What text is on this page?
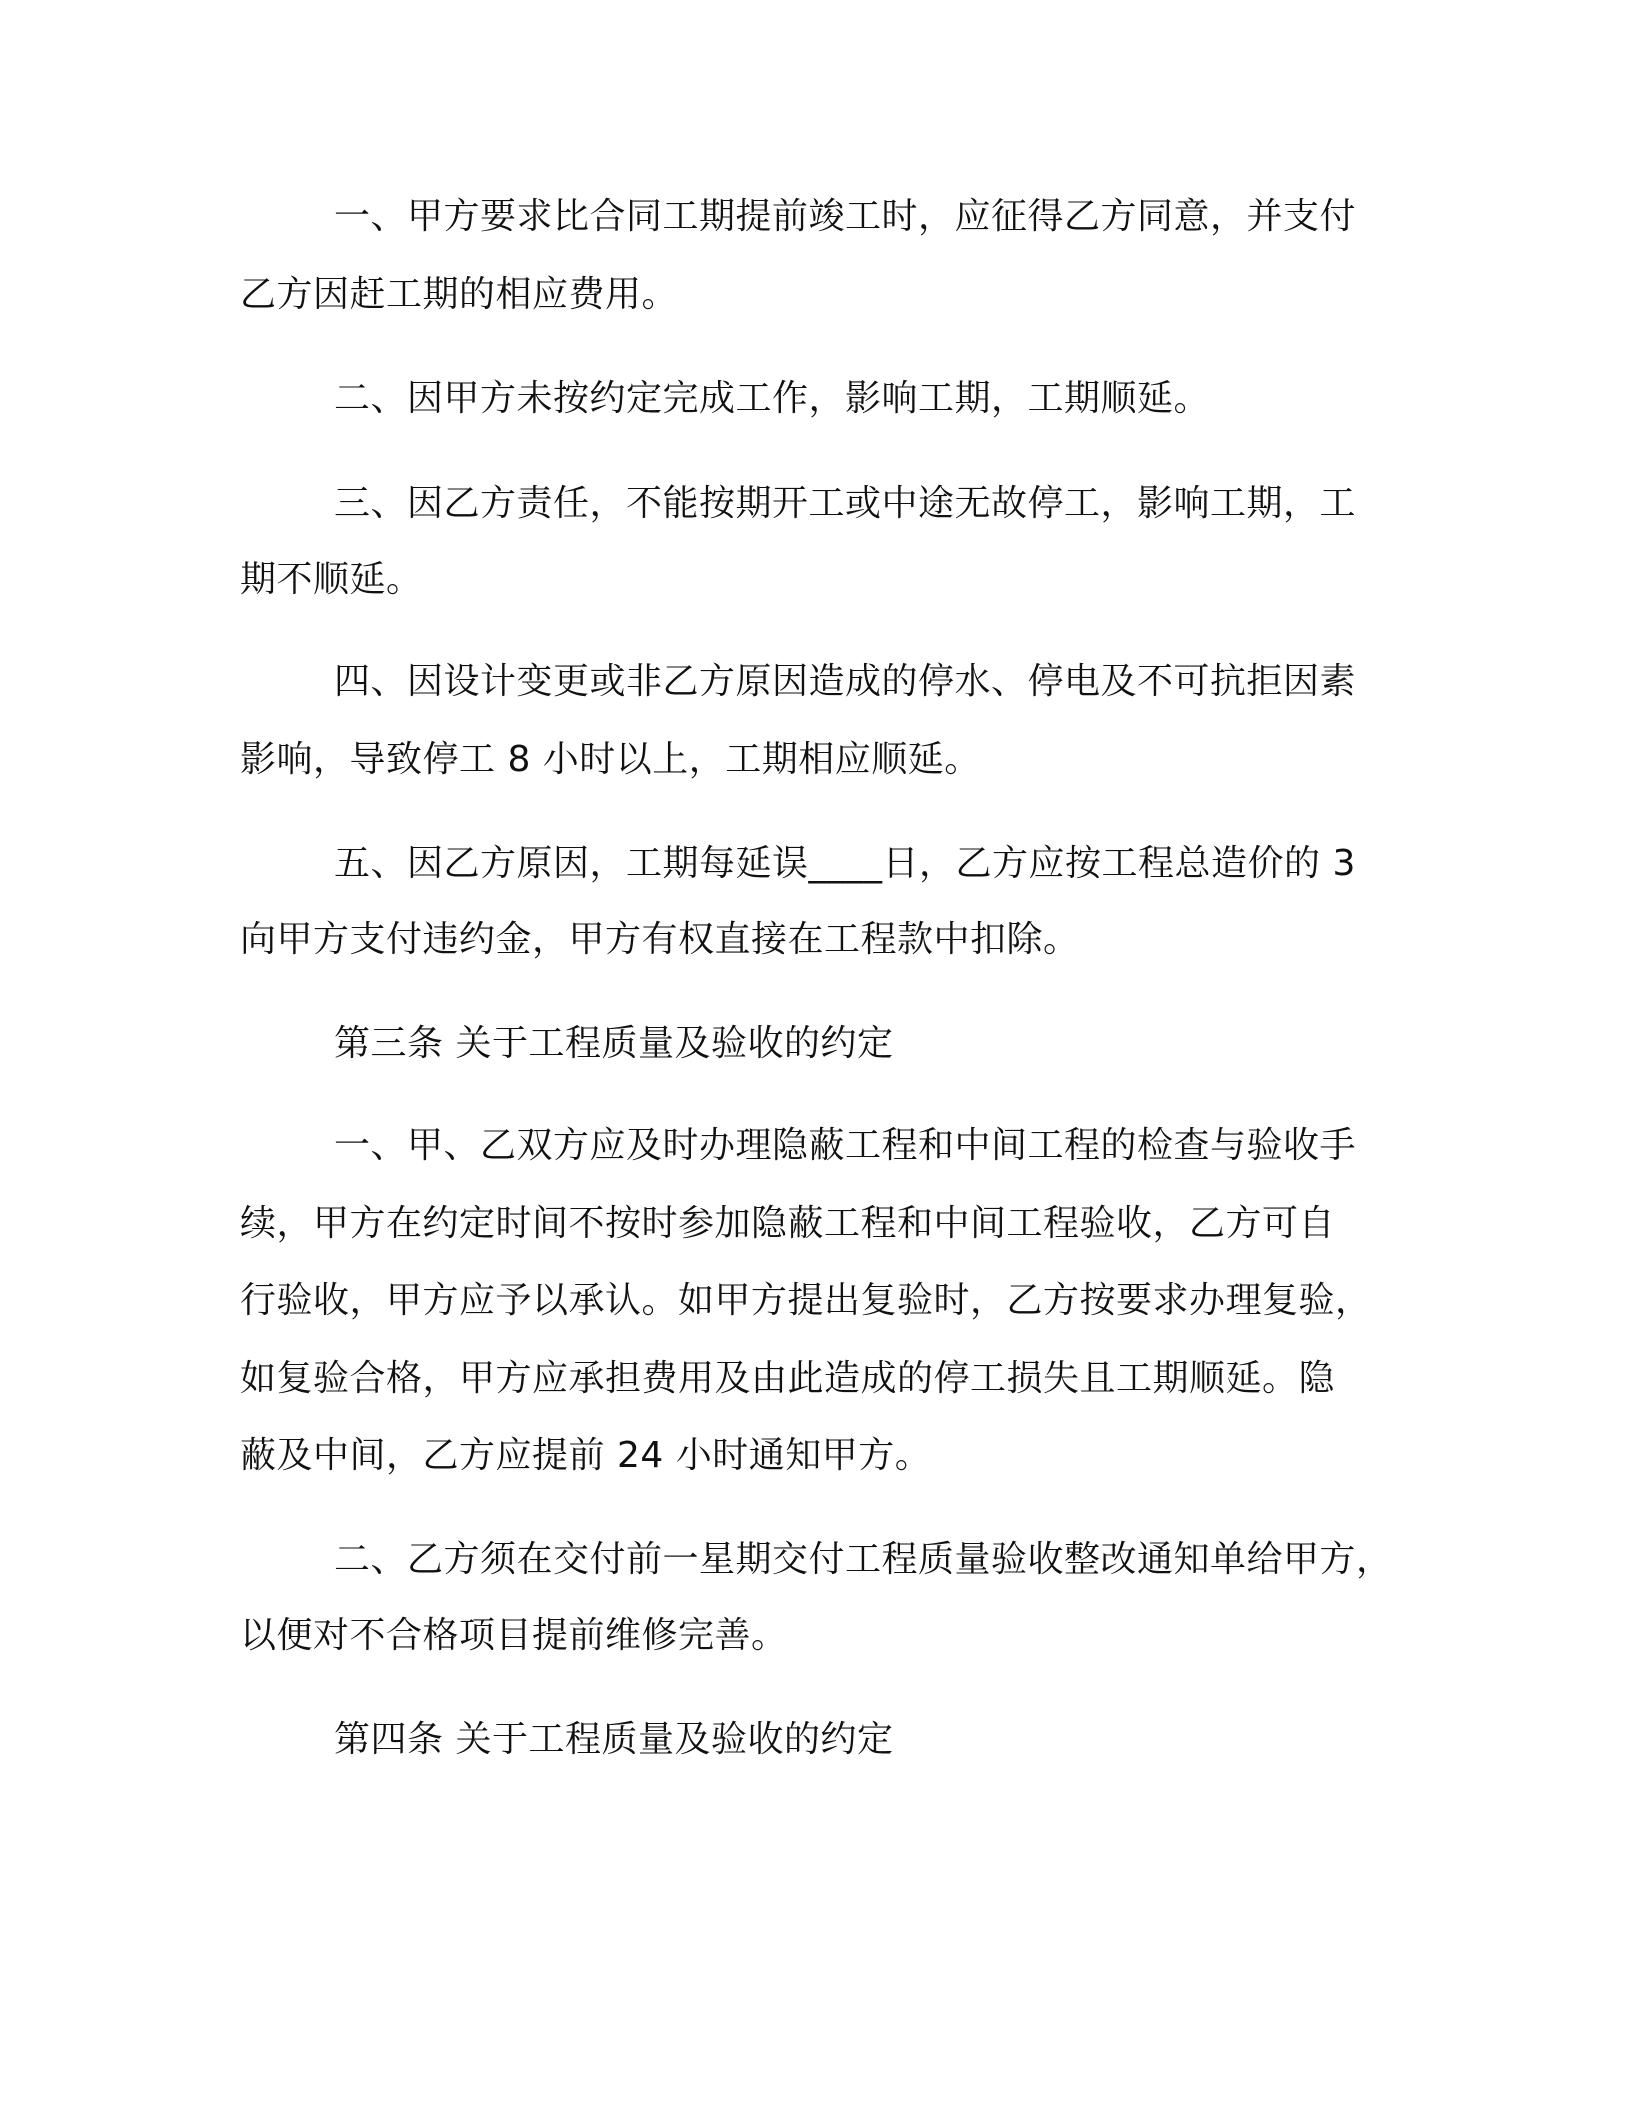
一、甲方要求比合同工期提前竣工时，应征得乙方同意，并支付
乙方因赶工期的相应费用。
二、因甲方未按约定完成工作，影响工期，工期顺延。
三、因乙方责任，不能按期开工或中途无故停工，影响工期，工
期不顺延。
四、因设计变更或非乙方原因造成的停水、停电及不可抗拒因素
影响，导致停工 8 小时以上，工期相应顺延。
五、因乙方原因，工期每延误____日，乙方应按工程总造价的 3
向甲方支付违约金，甲方有权直接在工程款中扣除。
第三条 关于工程质量及验收的约定
一、甲、乙双方应及时办理隐蔽工程和中间工程的检查与验收手
续，甲方在约定时间不按时参加隐蔽工程和中间工程验收，乙方可自
行验收，甲方应予以承认。如甲方提出复验时，乙方按要求办理复验，
如复验合格，甲方应承担费用及由此造成的停工损失且工期顺延。隐
蔽及中间，乙方应提前 24 小时通知甲方。
二、乙方须在交付前一星期交付工程质量验收整改通知单给甲方，
以便对不合格项目提前维修完善。
第四条 关于工程质量及验收的约定
